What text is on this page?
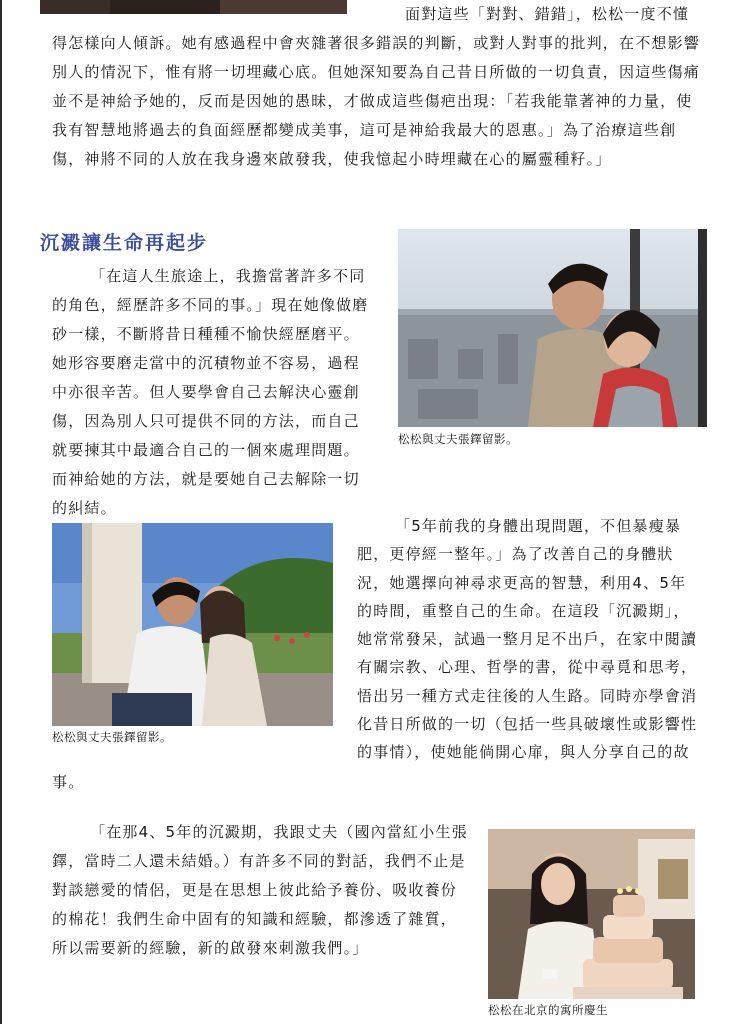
面對這些「對對、錯錯」，松松一度不懂
得怎樣向人傾訴。她有感過程中會夾雜著很多錯誤的判斷，或對人對事的批判，在不想影響別人的情況下，惟有將一切埋藏心底。但她深知要為自己昔日所做的一切負責，因這些傷痛並不是神給予她的，反而是因她的愚昧，才做成這些傷疤出現：「若我能靠著神的力量，使我有智慧地將過去的負面經歷都變成美事，這可是神給我最大的恩惠。」為了治療這些創傷，神將不同的人放在我身邊來啟發我，使我憶起小時埋藏在心的屬靈種籽。」
沉澱讓生命再起步
「在這人生旅途上，我擔當著許多不同的角色，經歷許多不同的事。」現在她像做磨砂一樣，不斷將昔日種種不愉快經歷磨平。她形容要磨走當中的沉積物並不容易，過程中亦很辛苦。但人要學會自己去解決心靈創傷，因為別人只可提供不同的方法，而自己就要揀其中最適合自己的一個來處理問題。而神給她的方法，就是要她自己去解除一切的糾結。
松松與丈夫張鐸留影。
松松與丈夫張鐸留影。
「5年前我的身體出現問題，不但暴瘦暴肥，更停經一整年。」為了改善自己的身體狀況，她選擇向神尋求更高的智慧，利用4、5年的時間，重整自己的生命。在這段「沉澱期」，她常常發呆，試過一整月足不出戶，在家中閱讀有關宗教、心理、哲學的書，從中尋覓和思考，悟出另一種方式走往後的人生路。同時亦學會消化昔日所做的一切（包括一些具破壞性或影響性的事情），使她能倘開心扉，與人分享自己的故
事。
「在那4、5年的沉澱期，我跟丈夫（國內當紅小生張鐸，當時二人還未結婚。）有許多不同的對話，我們不止是對談戀愛的情侶，更是在思想上彼此給予養份、吸收養份的棉花！我們生命中固有的知識和經驗，都滲透了雜質，所以需要新的經驗，新的啟發來刺激我們。」
松松在北京的寓所慶生
